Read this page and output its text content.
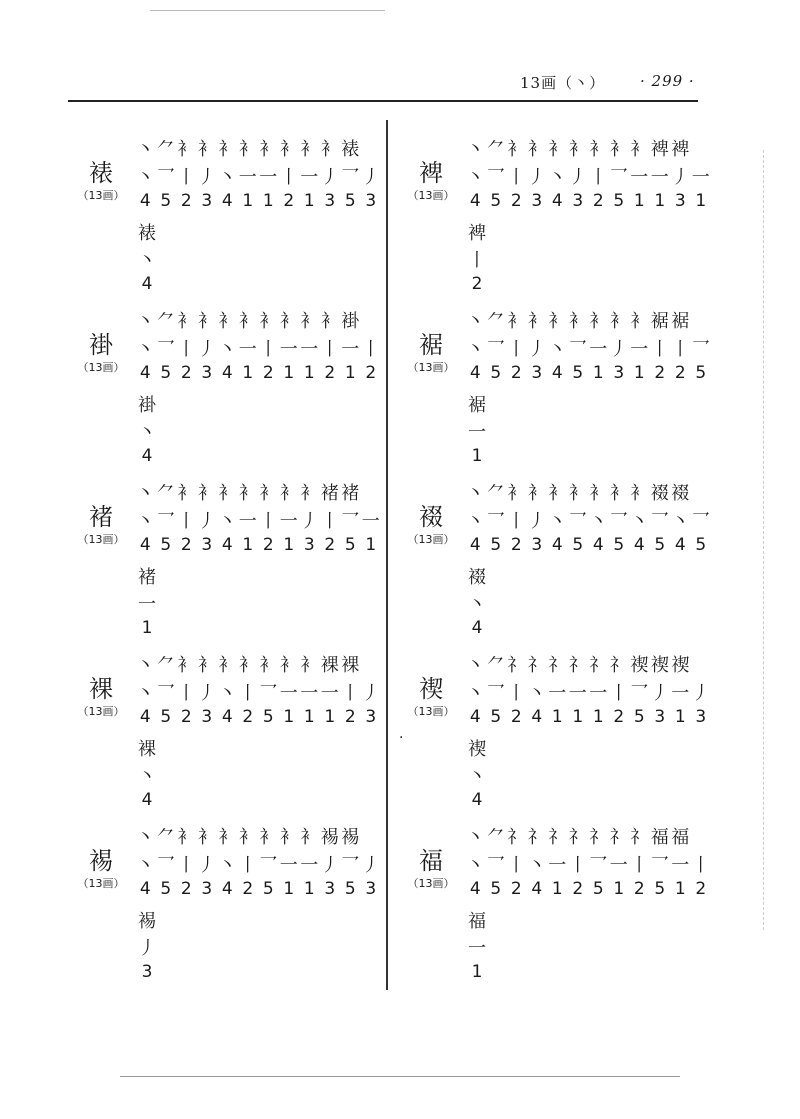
13画（丶） · 299 ·
·
裱
（13画）
丶 ⺈ 衤 衤 衤 衤 衤 衤 衤 衤 裱
丶 乛 丨 丿 丶 一 一 丨 一 丿 乛 丿
4 5 2 3 4 1 1 2 1 3 5 3
裱
丶
4
褂
（13画）
丶 ⺈ 衤 衤 衤 衤 衤 衤 衤 衤 褂
丶 乛 丨 丿 丶 一 丨 一 一 丨 一 丨
4 5 2 3 4 1 2 1 1 2 1 2
褂
丶
4
褚
（13画）
丶 ⺈ 衤 衤 衤 衤 衤 衤 衤 褚 褚
丶 乛 丨 丿 丶 一 丨 一 丿 丨 乛 一
4 5 2 3 4 1 2 1 3 2 5 1
褚
一
1
裸
（13画）
丶 ⺈ 衤 衤 衤 衤 衤 衤 衤 裸 裸
丶 乛 丨 丿 丶 丨 乛 一 一 一 丨 丿
4 5 2 3 4 2 5 1 1 1 2 3
裸
丶
4
裼
（13画）
丶 ⺈ 衤 衤 衤 衤 衤 衤 衤 裼 裼
丶 乛 丨 丿 丶 丨 乛 一 一 丿 乛 丿
4 5 2 3 4 2 5 1 1 3 5 3
裼
丿
3
裨
（13画）
丶 ⺈ 衤 衤 衤 衤 衤 衤 衤 裨 裨
丶 乛 丨 丿 丶 丿 丨 乛 一 一 丿 一
4 5 2 3 4 3 2 5 1 1 3 1
裨
丨
2
裾
（13画）
丶 ⺈ 衤 衤 衤 衤 衤 衤 衤 裾 裾
丶 乛 丨 丿 丶 乛 一 丿 一 丨 丨 乛
4 5 2 3 4 5 1 3 1 2 2 5
裾
一
1
裰
（13画）
丶 ⺈ 衤 衤 衤 衤 衤 衤 衤 裰 裰
丶 乛 丨 丿 丶 乛 丶 乛 丶 乛 丶 乛
4 5 2 3 4 5 4 5 4 5 4 5
裰
丶
4
禊
（13画）
丶 ⺈ 礻 礻 礻 礻 礻 礻 禊 禊 禊
丶 乛 丨 丶 一 一 一 丨 乛 丿 一 丿
4 5 2 4 1 1 1 2 5 3 1 3
禊
丶
4
福
（13画）
丶 ⺈ 礻 礻 礻 礻 礻 礻 礻 福 福
丶 乛 丨 丶 一 丨 乛 一 丨 乛 一 丨
4 5 2 4 1 2 5 1 2 5 1 2
福
一
1
